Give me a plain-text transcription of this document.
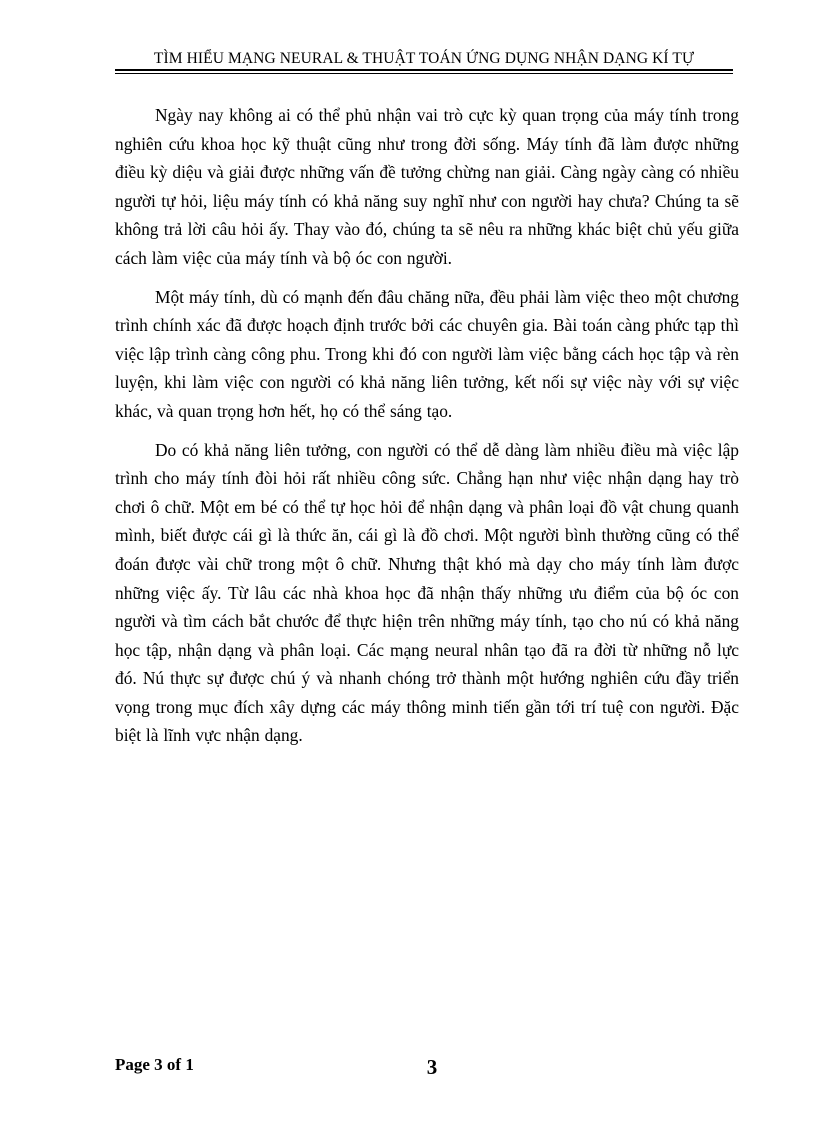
TÌM HIỂU MẠNG NEURAL & THUẬT TOÁN ỨNG DỤNG NHẬN DẠNG KÍ TỰ

Ngày nay không ai có thể phủ nhận vai trò cực kỳ quan trọng của máy tính trong nghiên cứu khoa học kỹ thuật cũng như trong đời sống. Máy tính đã làm được những điều kỳ diệu và giải được những vấn đề tưởng chừng nan giải. Càng ngày càng có nhiều người tự hỏi, liệu máy tính có khả năng suy nghĩ như con người hay chưa? Chúng ta sẽ không trả lời câu hỏi ấy. Thay vào đó, chúng ta sẽ nêu ra những khác biệt chủ yếu giữa cách làm việc của máy tính và bộ óc con người.

Một máy tính, dù có mạnh đến đâu chăng nữa, đều phải làm việc theo một chương trình chính xác đã được hoạch định trước bởi các chuyên gia. Bài toán càng phức tạp thì việc lập trình càng công phu. Trong khi đó con người làm việc bằng cách học tập và rèn luyện, khi làm việc con người có khả năng liên tưởng, kết nối sự việc này với sự việc khác, và quan trọng hơn hết, họ có thể sáng tạo.

Do có khả năng liên tưởng, con người có thể dễ dàng làm nhiều điều mà việc lập trình cho máy tính đòi hỏi rất nhiều công sức. Chẳng hạn như việc nhận dạng hay trò chơi ô chữ. Một em bé có thể tự học hỏi để nhận dạng và phân loại đồ vật chung quanh mình, biết được cái gì là thức ăn, cái gì là đồ chơi. Một người bình thường cũng có thể đoán được vài chữ trong một ô chữ. Nhưng thật khó mà dạy cho máy tính làm được những việc ấy. Từ lâu các nhà khoa học đã nhận thấy những ưu điểm của bộ óc con người và tìm cách bắt chước để thực hiện trên những máy tính, tạo cho nú có khả năng học tập, nhận dạng và phân loại. Các mạng neural nhân tạo đã ra đời từ những nỗ lực đó. Nú thực sự được chú ý và nhanh chóng trở thành một hướng nghiên cứu đầy triển vọng trong mục đích xây dựng các máy thông minh tiến gần tới trí tuệ con người. Đặc biệt là lĩnh vực nhận dạng.

Page 3 of 1	3
